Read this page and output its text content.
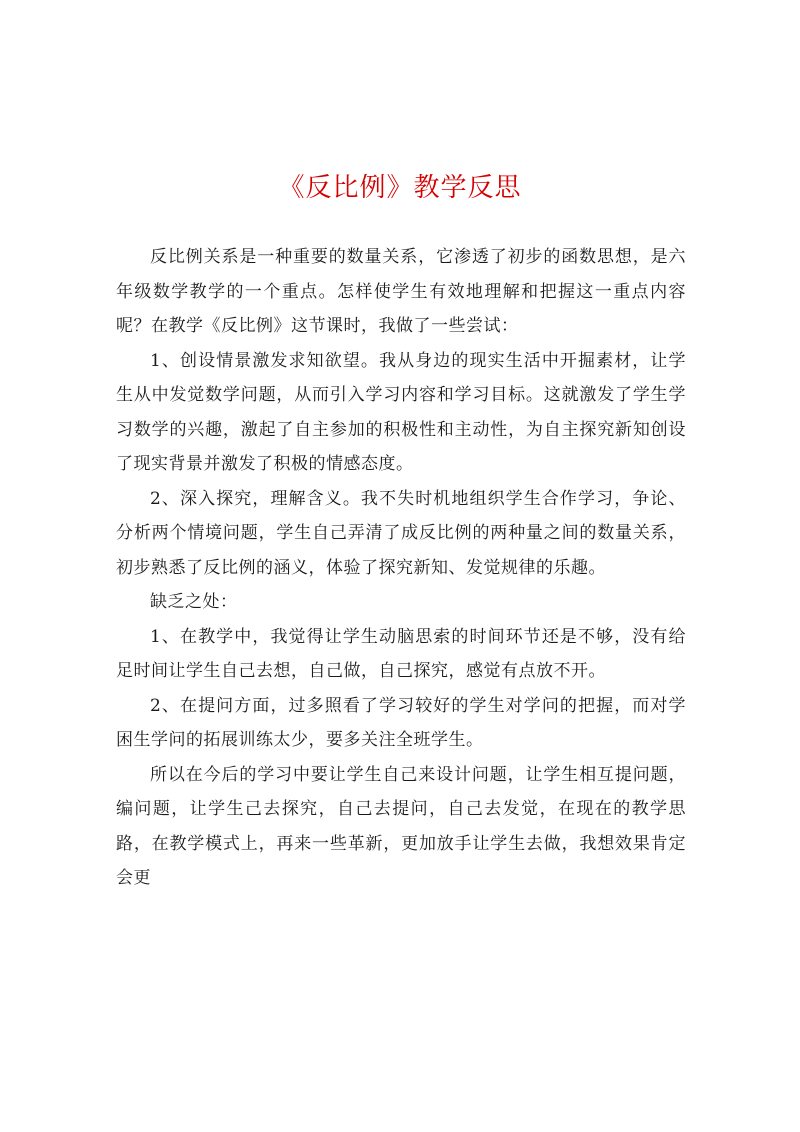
《反比例》教学反思

反比例关系是一种重要的数量关系，它渗透了初步的函数思想，是六年级数学教学的一个重点。怎样使学生有效地理解和把握这一重点内容呢？在教学《反比例》这节课时，我做了一些尝试：

1、创设情景激发求知欲望。我从身边的现实生活中开掘素材，让学生从中发觉数学问题，从而引入学习内容和学习目标。这就激发了学生学习数学的兴趣，激起了自主参加的积极性和主动性，为自主探究新知创设了现实背景并激发了积极的情感态度。

2、深入探究，理解含义。我不失时机地组织学生合作学习，争论、分析两个情境问题，学生自己弄清了成反比例的两种量之间的数量关系，初步熟悉了反比例的涵义，体验了探究新知、发觉规律的乐趣。

缺乏之处：

1、在教学中，我觉得让学生动脑思索的时间环节还是不够，没有给足时间让学生自己去想，自己做，自己探究，感觉有点放不开。

2、在提问方面，过多照看了学习较好的学生对学问的把握，而对学困生学问的拓展训练太少，要多关注全班学生。

所以在今后的学习中要让学生自己来设计问题，让学生相互提问题，编问题，让学生己去探究，自己去提问，自己去发觉，在现在的教学思路，在教学模式上，再来一些革新，更加放手让学生去做，我想效果肯定会更
